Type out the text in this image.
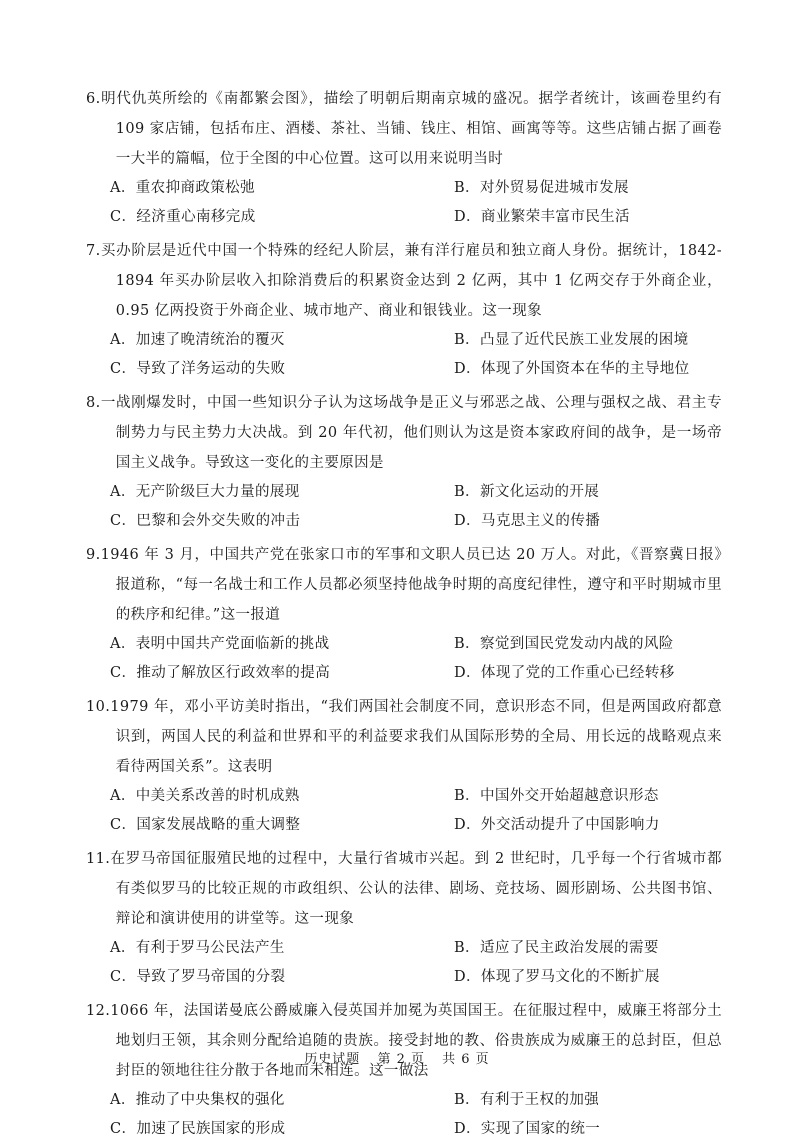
6.明代仇英所绘的《南都繁会图》，描绘了明朝后期南京城的盛况。据学者统计，该画卷里约有 109 家店铺，包括布庄、酒楼、茶社、当铺、钱庄、相馆、画寓等等。这些店铺占据了画卷一大半的篇幅，位于全图的中心位置。这可以用来说明当时
A．重农抑商政策松弛	B．对外贸易促进城市发展
C．经济重心南移完成	D．商业繁荣丰富市民生活
7.买办阶层是近代中国一个特殊的经纪人阶层，兼有洋行雇员和独立商人身份。据统计，1842-1894 年买办阶层收入扣除消费后的积累资金达到 2 亿两，其中 1 亿两交存于外商企业，0.95 亿两投资于外商企业、城市地产、商业和银钱业。这一现象
A．加速了晚清统治的覆灭	B．凸显了近代民族工业发展的困境
C．导致了洋务运动的失败	D．体现了外国资本在华的主导地位
8.一战刚爆发时，中国一些知识分子认为这场战争是正义与邪恶之战、公理与强权之战、君主专制势力与民主势力大决战。到 20 年代初，他们则认为这是资本家政府间的战争，是一场帝国主义战争。导致这一变化的主要原因是
A．无产阶级巨大力量的展现	B．新文化运动的开展
C．巴黎和会外交失败的冲击	D．马克思主义的传播
9.1946 年 3 月，中国共产党在张家口市的军事和文职人员已达 20 万人。对此，《晋察冀日报》报道称，“每一名战士和工作人员都必须坚持他战争时期的高度纪律性，遵守和平时期城市里的秩序和纪律。”这一报道
A．表明中国共产党面临新的挑战	B．察觉到国民党发动内战的风险
C．推动了解放区行政效率的提高	D．体现了党的工作重心已经转移
10.1979 年，邓小平访美时指出，“我们两国社会制度不同，意识形态不同，但是两国政府都意识到，两国人民的利益和世界和平的利益要求我们从国际形势的全局、用长远的战略观点来看待两国关系”。这表明
A．中美关系改善的时机成熟	B．中国外交开始超越意识形态
C．国家发展战略的重大调整	D．外交活动提升了中国影响力
11.在罗马帝国征服殖民地的过程中，大量行省城市兴起。到 2 世纪时，几乎每一个行省城市都有类似罗马的比较正规的市政组织、公认的法律、剧场、竞技场、圆形剧场、公共图书馆、辩论和演讲使用的讲堂等。这一现象
A．有利于罗马公民法产生	B．适应了民主政治发展的需要
C．导致了罗马帝国的分裂	D．体现了罗马文化的不断扩展
12.1066 年，法国诺曼底公爵威廉入侵英国并加冕为英国国王。在征服过程中，威廉王将部分土地划归王领，其余则分配给追随的贵族。接受封地的教、俗贵族成为威廉王的总封臣，但总封臣的领地往往分散于各地而未相连。这一做法
A．推动了中央集权的强化	B．有利于王权的加强
C．加速了民族国家的形成	D．实现了国家的统一
历史试题 第 2 页 共 6 页
